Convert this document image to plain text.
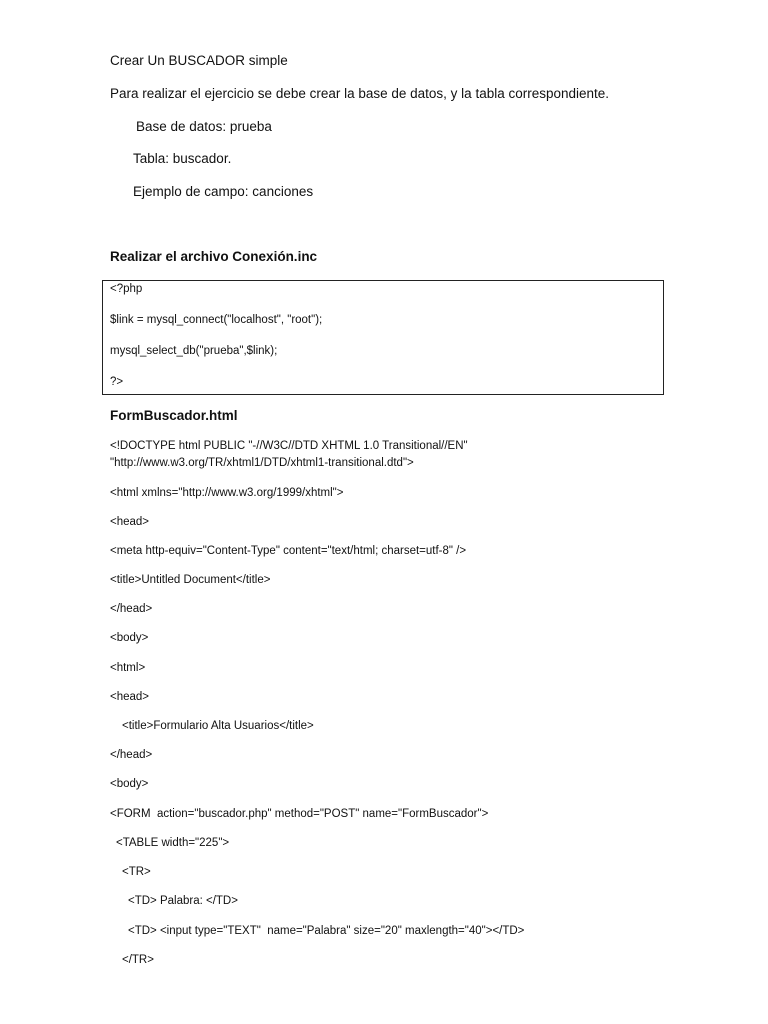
Crear Un BUSCADOR simple
Para realizar el ejercicio se debe crear la base de datos, y la tabla correspondiente.
Base de datos: prueba
Tabla: buscador.
Ejemplo de campo: canciones
Realizar el archivo Conexión.inc
<?php
$link = mysql_connect("localhost", "root");
mysql_select_db("prueba",$link);
?>
FormBuscador.html
<!DOCTYPE html PUBLIC "-//W3C//DTD XHTML 1.0 Transitional//EN"
"http://www.w3.org/TR/xhtml1/DTD/xhtml1-transitional.dtd">
<html xmlns="http://www.w3.org/1999/xhtml">
<head>
<meta http-equiv="Content-Type" content="text/html; charset=utf-8" />
<title>Untitled Document</title>
</head>
<body>
<html>
<head>
<title>Formulario Alta Usuarios</title>
</head>
<body>
<FORM  action="buscador.php" method="POST" name="FormBuscador">
<TABLE width="225">
<TR>
<TD> Palabra: </TD>
<TD> <input type="TEXT"  name="Palabra" size="20" maxlength="40"></TD>
</TR>
